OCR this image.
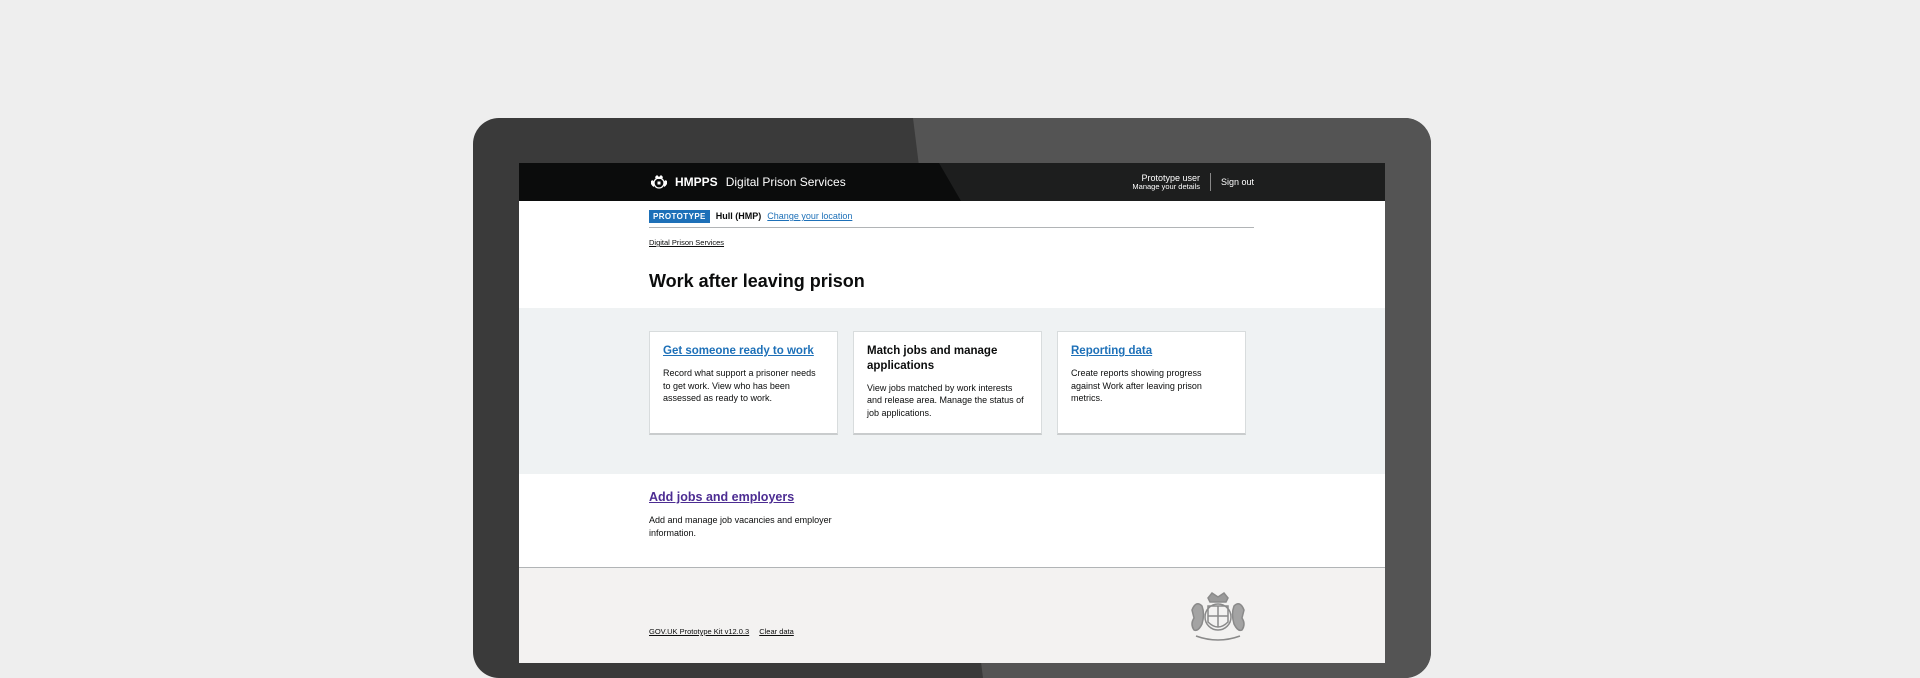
HMPPS Digital Prison Services	Prototype user
Manage your details	Sign out
PROTOTYPE	Hull (HMP) Change your location
Digital Prison Services
Work after leaving prison
Get someone ready to work

Record what support a prisoner needs to get work. View who has been assessed as ready to work.

Match jobs and manage applications

View jobs matched by work interests and release area. Manage the status of job applications.

Reporting data

Create reports showing progress against Work after leaving prison metrics.

Add jobs and employers

Add and manage job vacancies and employer information.

GOV.UK Prototype Kit v12.0.3 Clear data
